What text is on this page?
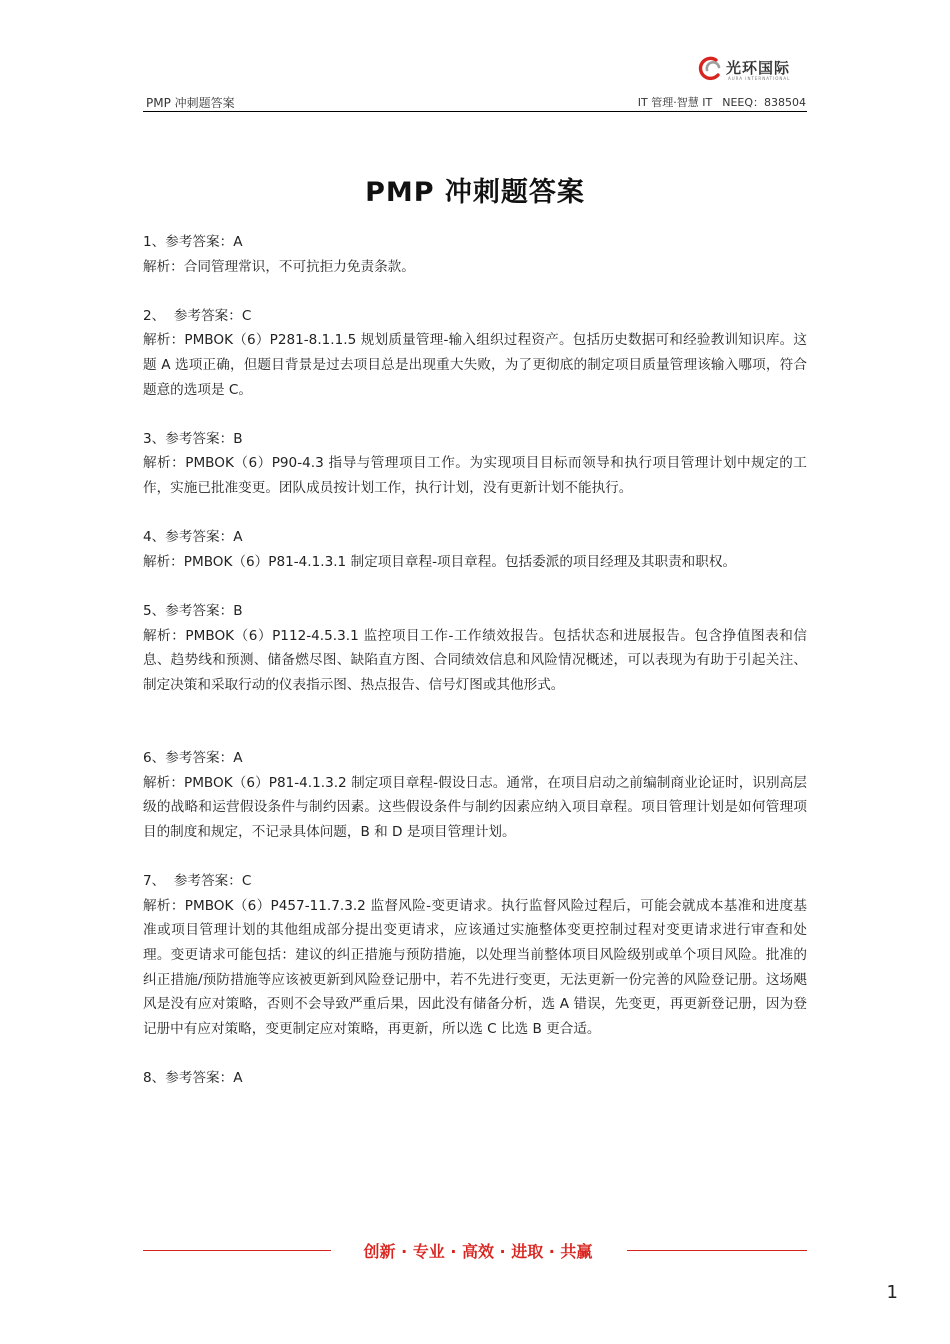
光环国际
AURA INTERNATIONAL
PMP 冲刺题答案	IT 管理·智慧 IT NEEQ：838504
PMP 冲刺题答案

1、参考答案：A

解析：合同管理常识，不可抗拒力免责条款。

2、  参考答案：C

解析：PMBOK（6）P281-8.1.1.5 规划质量管理-输入组织过程资产。包括历史数据可和经验教训知识库。这题 A 选项正确，但题目背景是过去项目总是出现重大失败，为了更彻底的制定项目质量管理该输入哪项，符合题意的选项是 C。

3、参考答案：B

解析：PMBOK（6）P90-4.3 指导与管理项目工作。为实现项目目标而领导和执行项目管理计划中规定的工作，实施已批准变更。团队成员按计划工作，执行计划，没有更新计划不能执行。

4、参考答案：A

解析：PMBOK（6）P81-4.1.3.1 制定项目章程-项目章程。包括委派的项目经理及其职责和职权。

5、参考答案：B

解析：PMBOK（6）P112-4.5.3.1 监控项目工作-工作绩效报告。包括状态和进展报告。包含挣值图表和信息、趋势线和预测、储备燃尽图、缺陷直方图、合同绩效信息和风险情况概述，可以表现为有助于引起关注、制定决策和采取行动的仪表指示图、热点报告、信号灯图或其他形式。

6、参考答案：A

解析：PMBOK（6）P81-4.1.3.2 制定项目章程-假设日志。通常，在项目启动之前编制商业论证时，识别高层级的战略和运营假设条件与制约因素。这些假设条件与制约因素应纳入项目章程。项目管理计划是如何管理项目的制度和规定，不记录具体问题，B 和 D 是项目管理计划。

7、  参考答案：C

解析：PMBOK（6）P457-11.7.3.2 监督风险-变更请求。执行监督风险过程后，可能会就成本基准和进度基准或项目管理计划的其他组成部分提出变更请求，应该通过实施整体变更控制过程对变更请求进行审查和处理。变更请求可能包括：建议的纠正措施与预防措施，以处理当前整体项目风险级别或单个项目风险。批准的纠正措施/预防措施等应该被更新到风险登记册中，若不先进行变更，无法更新一份完善的风险登记册。这场飓风是没有应对策略，否则不会导致严重后果，因此没有储备分析，选 A 错误，先变更，再更新登记册，因为登记册中有应对策略，变更制定应对策略，再更新，所以选 C 比选 B 更合适。

8、参考答案：A

创新 · 专业 · 高效 · 进取 · 共赢
1
